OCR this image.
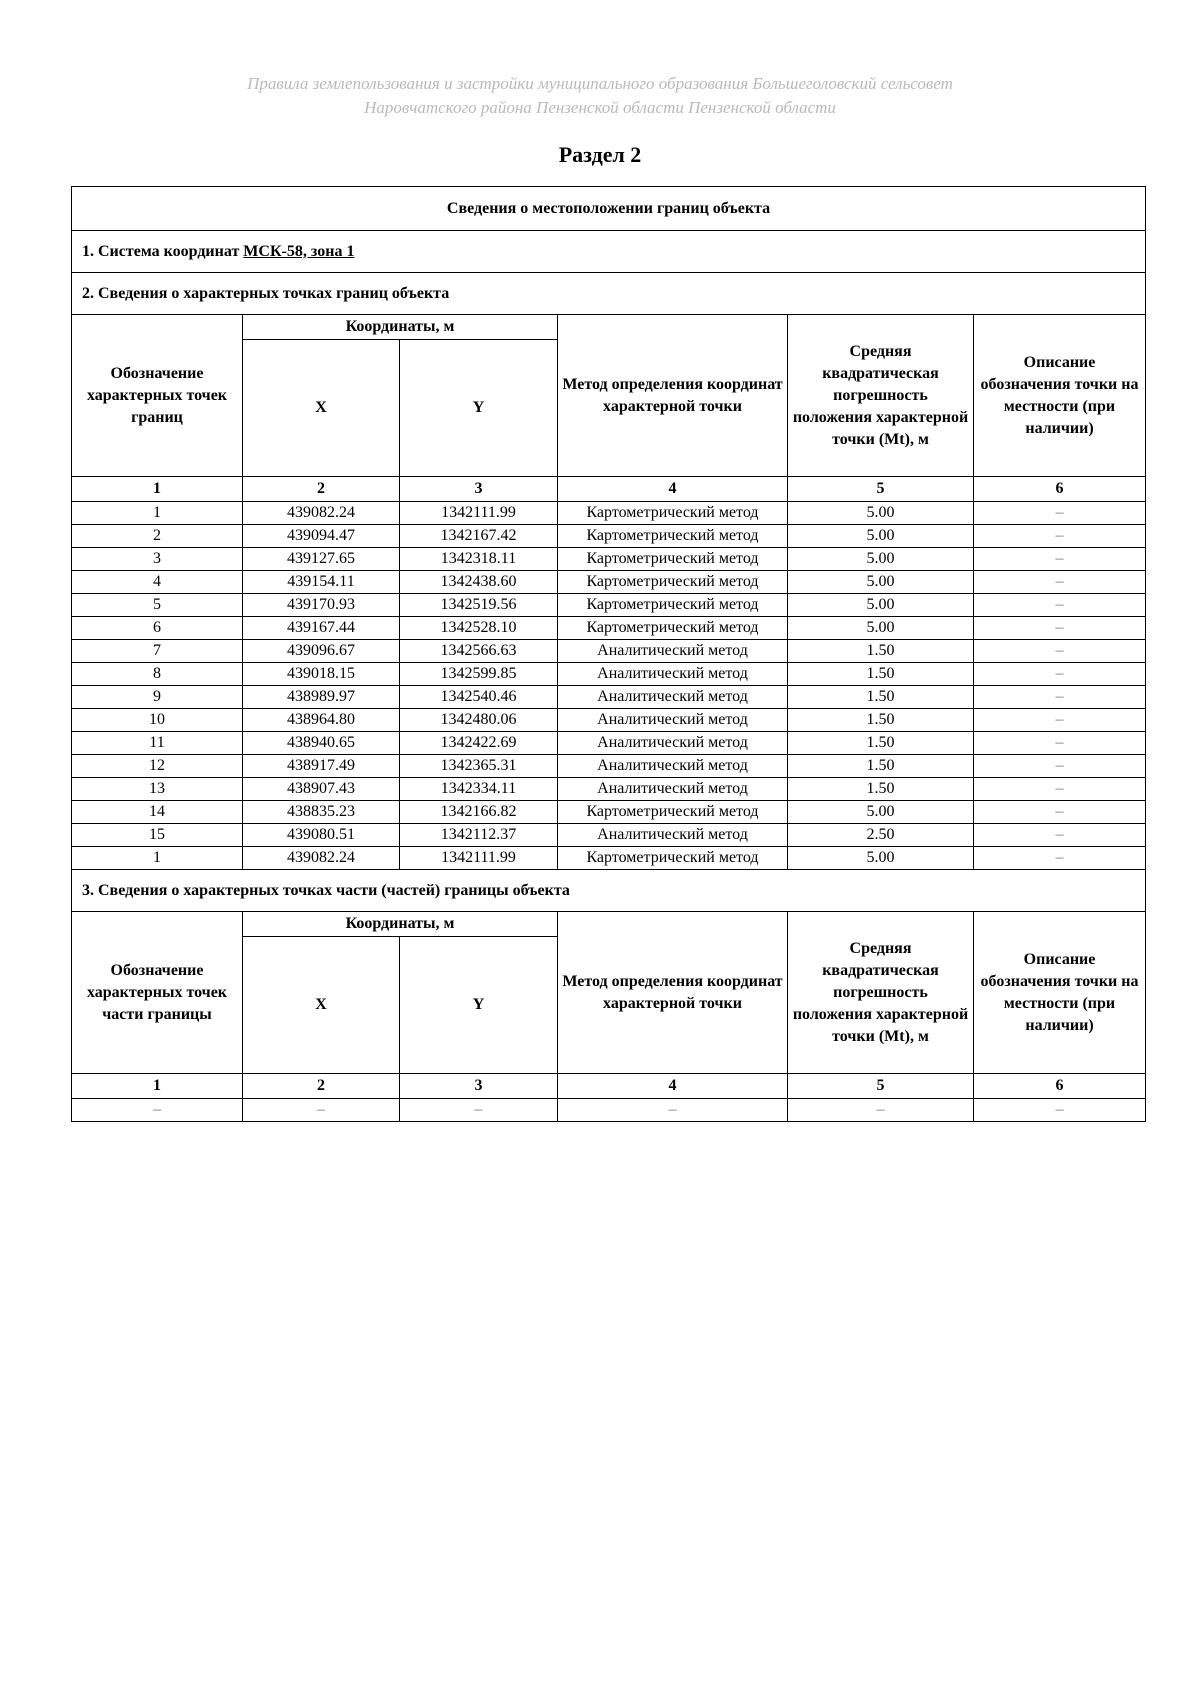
Правила землепользования и застройки муниципального образования Большеголовский сельсовет
Наровчатского района Пензенской области Пензенской области
Раздел 2
Сведения о местоположении границ объекта					
1. Система координат МСК-58, зона 1					
2. Сведения о характерных точках границ объекта					
Обозначение характерных точек границ	Координаты, м		Метод определения координат характерной точки	Средняя квадратическая погрешность положения характерной точки (Mt), м	Описание обозначения точки на местности (при наличии)
	X	Y			
1	2	3	4	5	6
1	439082.24	1342111.99	Картометрический метод	5.00	–
2	439094.47	1342167.42	Картометрический метод	5.00	–
3	439127.65	1342318.11	Картометрический метод	5.00	–
4	439154.11	1342438.60	Картометрический метод	5.00	–
5	439170.93	1342519.56	Картометрический метод	5.00	–
6	439167.44	1342528.10	Картометрический метод	5.00	–
7	439096.67	1342566.63	Аналитический метод	1.50	–
8	439018.15	1342599.85	Аналитический метод	1.50	–
9	438989.97	1342540.46	Аналитический метод	1.50	–
10	438964.80	1342480.06	Аналитический метод	1.50	–
11	438940.65	1342422.69	Аналитический метод	1.50	–
12	438917.49	1342365.31	Аналитический метод	1.50	–
13	438907.43	1342334.11	Аналитический метод	1.50	–
14	438835.23	1342166.82	Картометрический метод	5.00	–
15	439080.51	1342112.37	Аналитический метод	2.50	–
1	439082.24	1342111.99	Картометрический метод	5.00	–
3. Сведения о характерных точках части (частей) границы объекта					
Обозначение характерных точек части границы	Координаты, м		Метод определения координат характерной точки	Средняя квадратическая погрешность положения характерной точки (Mt), м	Описание обозначения точки на местности (при наличии)
	X	Y			
1	2	3	4	5	6
–	–	–	–	–	–
